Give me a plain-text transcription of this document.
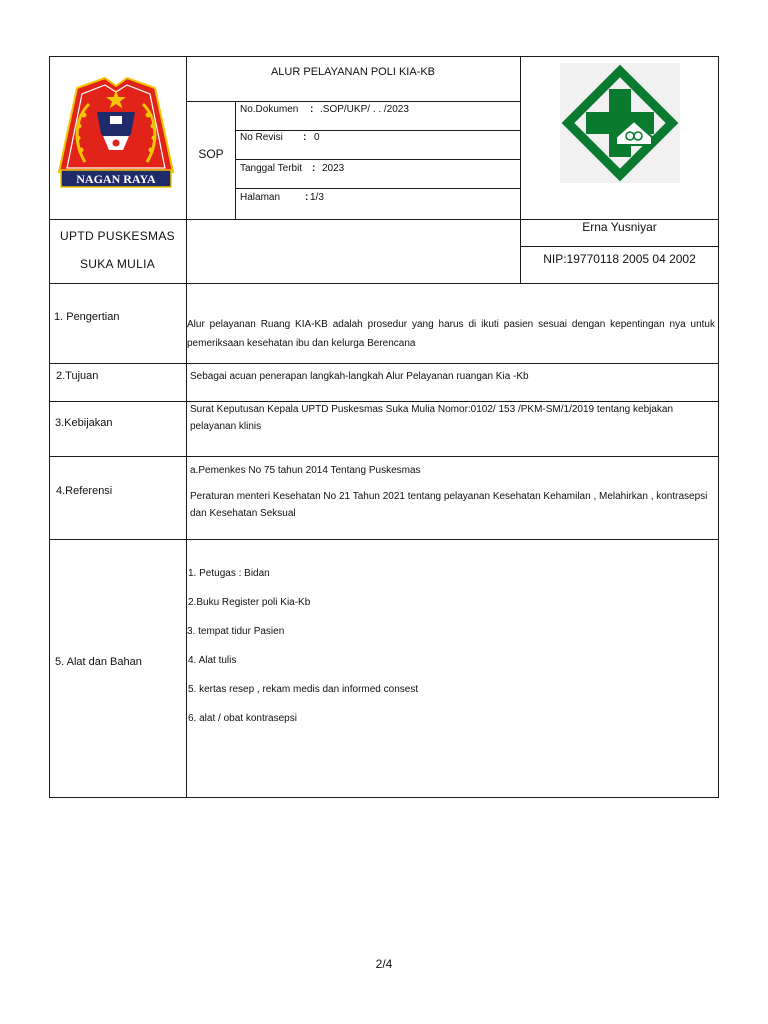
NAGAN RAYA
ALUR PELAYANAN POLI KIA-KB
SOP
No.Dokumen : .SOP/UKP/ . . /2023
No Revisi : 0
Tanggal Terbit : 2023
Halaman : 1/3
UPTD PUSKESMAS
SUKA MULIA
Erna Yusniyar
NIP:19770118 2005 04 2002
1. Pengertian
Alur pelayanan Ruang KIA-KB adalah prosedur yang harus di ikuti pasien sesuai dengan kepentingan nya untuk pemeriksaan kesehatan ibu dan kelurga Berencana
2.Tujuan	Sebagai acuan penerapan langkah-langkah Alur Pelayanan ruangan Kia -Kb
3.Kebijakan
Surat Keputusan Kepala UPTD Puskesmas Suka Mulia Nomor:0102/ 153 /PKM-SM/1/2019 tentang kebjakan pelayanan klinis
4.Referensi
a.Pemenkes No 75 tahun 2014 Tentang Puskesmas
Peraturan menteri Kesehatan No 21 Tahun 2021 tentang pelayanan Kesehatan Kehamilan , Melahirkan , kontrasepsi dan Kesehatan Seksual
5. Alat dan Bahan
1. Petugas : Bidan
2.Buku Register poli Kia-Kb
3. tempat tidur Pasien
4. Alat tulis
5. kertas resep , rekam medis dan informed consest
6. alat / obat kontrasepsi
2/4
